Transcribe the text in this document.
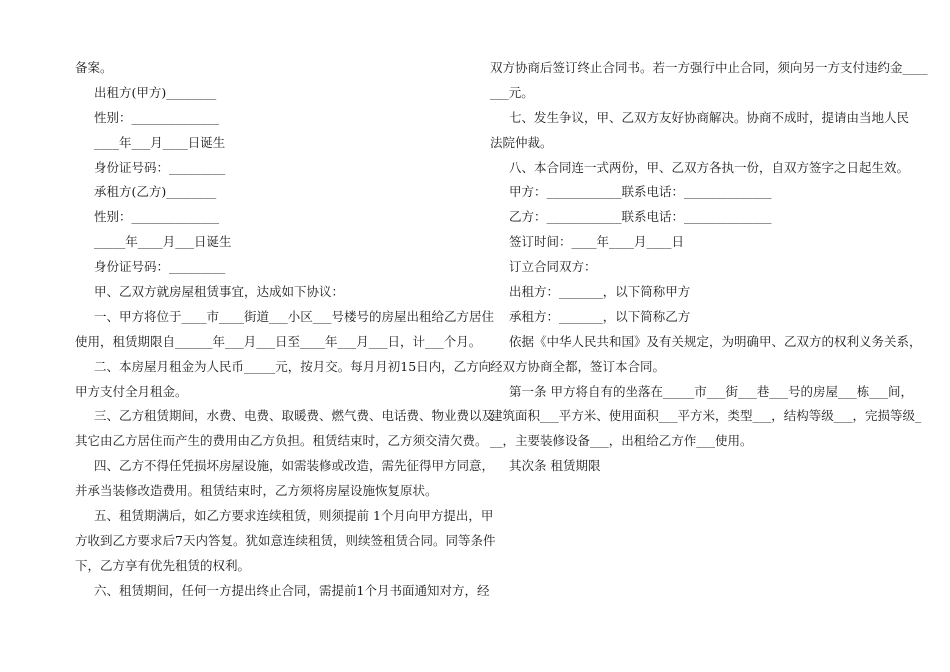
备案。
出租方(甲方)________
性别：______________
____年___月____日诞生
身份证号码：_________
承租方(乙方)________
性别：______________
_____年____月___日诞生
身份证号码：_________
甲、乙双方就房屋租赁事宜，达成如下协议：
一、甲方将位于____市____街道___小区___号楼号的房屋出租给乙方居住
使用，租赁期限自______年___月___日至____年___月___日，计___个月。
二、本房屋月租金为人民币_____元，按月交。每月月初15日内，乙方向
甲方支付全月租金。
三、乙方租赁期间，水费、电费、取暖费、燃气费、电话费、物业费以及
其它由乙方居住而产生的费用由乙方负担。租赁结束时，乙方须交清欠费。
四、乙方不得任凭损坏房屋设施，如需装修或改造，需先征得甲方同意，
并承当装修改造费用。租赁结束时，乙方须将房屋设施恢复原状。
五、租赁期满后，如乙方要求连续租赁，则须提前 1个月向甲方提出，甲
方收到乙方要求后7天内答复。犹如意连续租赁，则续签租赁合同。同等条件
下，乙方享有优先租赁的权利。
六、租赁期间，任何一方提出终止合同，需提前1个月书面通知对方，经
双方协商后签订终止合同书。若一方强行中止合同，须向另一方支付违约金____
___元。
七、发生争议，甲、乙双方友好协商解决。协商不成时，提请由当地人民
法院仲裁。
八、本合同连一式两份，甲、乙双方各执一份，自双方签字之日起生效。
甲方：____________联系电话：______________
乙方：____________联系电话：______________
签订时间：____年____月____日
订立合同双方：
出租方：_______，以下简称甲方
承租方：_______，以下简称乙方
依据《中华人民共和国》及有关规定，为明确甲、乙双方的权利义务关系，
经双方协商全都，签订本合同。
第一条 甲方将自有的坐落在_____市___街___巷___号的房屋___栋___间，
建筑面积___平方米、使用面积___平方米，类型___，结构等级___，完损等级_
__，主要装修设备___，出租给乙方作___使用。
其次条 租赁期限
